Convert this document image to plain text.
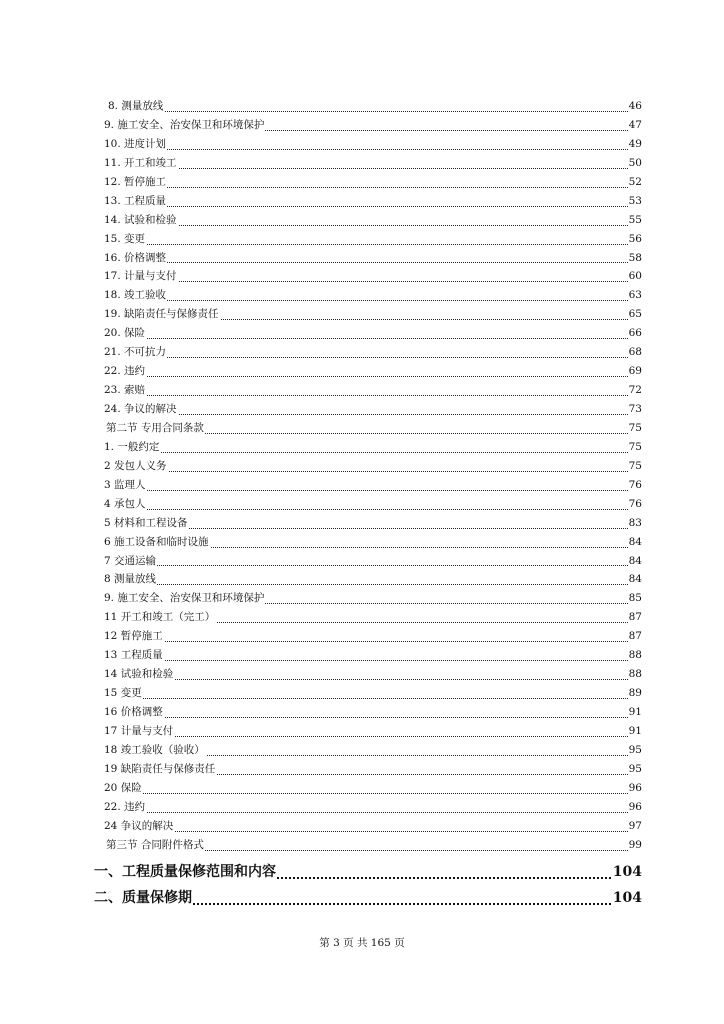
8. 测量放线	46
9. 施工安全、治安保卫和环境保护	47
10. 进度计划	49
11. 开工和竣工	50
12. 暂停施工	52
13. 工程质量	53
14. 试验和检验	55
15. 变更	56
16. 价格调整	58
17. 计量与支付	60
18. 竣工验收	63
19. 缺陷责任与保修责任	65
20. 保险	66
21. 不可抗力	68
22. 违约	69
23. 索赔	72
24. 争议的解决	73
第二节 专用合同条款	75
1. 一般约定	75
2 发包人义务	75
3 监理人	76
4 承包人	76
5 材料和工程设备	83
6 施工设备和临时设施	84
7 交通运输	84
8 测量放线	84
9. 施工安全、治安保卫和环境保护	85
11 开工和竣工（完工）	87
12 暂停施工	87
13 工程质量	88
14 试验和检验	88
15 变更	89
16 价格调整	91
17 计量与支付	91
18 竣工验收（验收）	95
19 缺陷责任与保修责任	95
20 保险	96
22. 违约	96
24 争议的解决	97
第三节 合同附件格式	99
一、工程质量保修范围和内容	104
二、质量保修期	104
第 3 页 共 165 页
